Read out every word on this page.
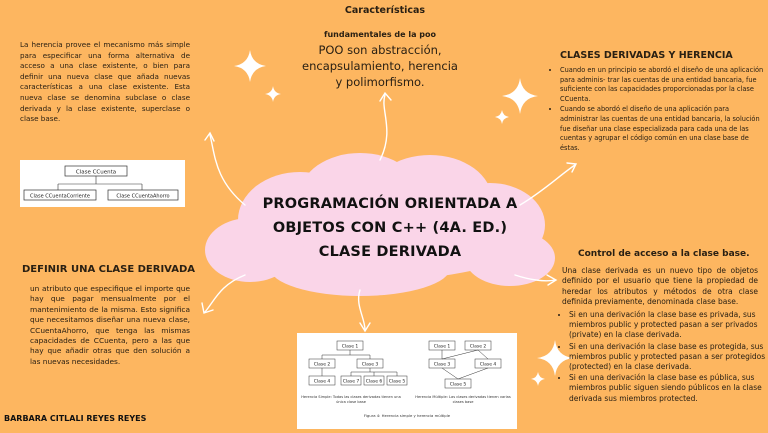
Características
fundamentales de la poo
POO son abstracción, encapsulamiento, herencia y polimorfismo.
La herencia provee el mecanismo más simple para especificar una forma alternativa de acceso a una clase existente, o bien para definir una nueva clase que añada nuevas características a una clase existente. Esta nueva clase se denomina subclase o clase derivada y la clase existente, superclase o clase base.
Clase CCuenta
Clase CCuentaCorriente	Clase CCuentaAhorro
CLASES DERIVADAS Y HERENCIA
• Cuando en un principio se abordó el diseño de una aplicación para adminis- trar las cuentas de una entidad bancaria, fue suficiente con las capacidades proporcionadas por la clase CCuenta.
• Cuando se abordó el diseño de una aplicación para administrar las cuentas de una entidad bancaria, la solución fue diseñar una clase especializada para cada una de las cuentas y agrupar el código común en una clase base de éstas.
PROGRAMACIÓN ORIENTADA A
OBJETOS CON C++ (4A. ED.)
CLASE DERIVADA
DEFINIR UNA CLASE DERIVADA
un atributo que especifique el importe que hay que pagar mensualmente por el mantenimiento de la misma. Esto significa que necesitamos diseñar una nueva clase, CCuentaAhorro, que tenga las mismas capacidades de CCuenta, pero a las que hay que añadir otras que den solución a las nuevas necesidades.
Control de acceso a la clase base.
Una clase derivada es un nuevo tipo de objetos definido por el usuario que tiene la propiedad de heredar los atributos y métodos de otra clase definida previamente, denominada clase base.
• Si en una derivación la clase base es privada, sus miembros public y protected pasan a ser privados (private) en la clase derivada.
• Si en una derivación la clase base es protegida, sus miembros public y protected pasan a ser protegidos (protected) en la clase derivada.
• Si en una derivación la clase base es pública, sus miembros public siguen siendo públicos en la clase derivada sus miembros protected.
Clase 1
Clase 2	Clase 3
Clase 4	Clase 7 Clase 6 Clase 5
Clase 1	Clase 2
Clase 3	Clase 4
Clase 5
Herencia Simple: Todas las clases derivadas tienen una única clase base
Herencia Múltiple: Las clases derivadas tienen varias clases base
Figura 4: Herencia simple y herencia múltiple
BARBARA CITLALI REYES REYES
